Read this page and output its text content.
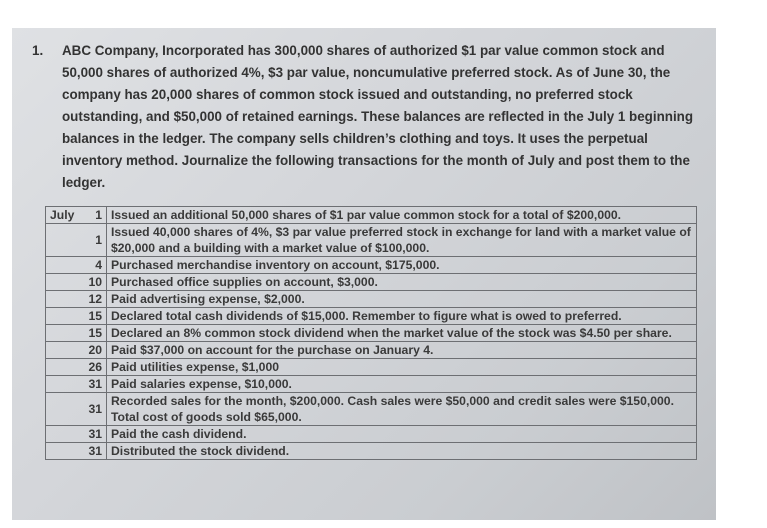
1. ABC Company, Incorporated has 300,000 shares of authorized $1 par value common stock and 50,000 shares of authorized 4%, $3 par value, noncumulative preferred stock. As of June 30, the company has 20,000 shares of common stock issued and outstanding, no preferred stock outstanding, and $50,000 of retained earnings. These balances are reflected in the July 1 beginning balances in the ledger. The company sells children’s clothing and toys. It uses the perpetual inventory method. Journalize the following transactions for the month of July and post them to the ledger.
July 1	Issued an additional 50,000 shares of $1 par value common stock for a total of $200,000.
1	Issued 40,000 shares of 4%, $3 par value preferred stock in exchange for land with a market value of $20,000 and a building with a market value of $100,000.
4	Purchased merchandise inventory on account, $175,000.
10	Purchased office supplies on account, $3,000.
12	Paid advertising expense, $2,000.
15	Declared total cash dividends of $15,000. Remember to figure what is owed to preferred.
15	Declared an 8% common stock dividend when the market value of the stock was $4.50 per share.
20	Paid $37,000 on account for the purchase on January 4.
26	Paid utilities expense, $1,000
31	Paid salaries expense, $10,000.
31	Recorded sales for the month, $200,000. Cash sales were $50,000 and credit sales were $150,000. Total cost of goods sold $65,000.
31	Paid the cash dividend.
31	Distributed the stock dividend.
